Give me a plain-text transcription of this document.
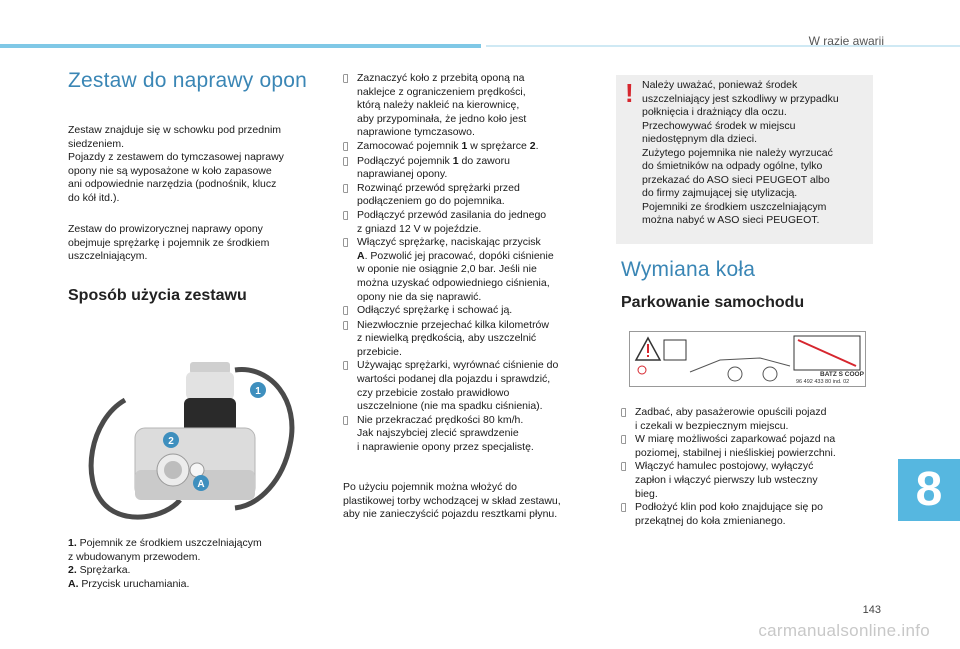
W razie awarii
Zestaw do naprawy opon
Zestaw znajduje się w schowku pod przednim
siedzeniem.
Pojazdy z zestawem do tymczasowej naprawy
opony nie są wyposażone w koło zapasowe
ani odpowiednie narzędzia (podnośnik, klucz
do kół itd.).
Zestaw do prowizorycznej naprawy opony
obejmuje sprężarkę i pojemnik ze środkiem
uszczelniającym.
Sposób użycia zestawu
1
2
A
1. Pojemnik ze środkiem uszczelniającym
z wbudowanym przewodem.
2. Sprężarka.
A. Przycisk uruchamiania.
Zaznaczyć koło z przebitą oponą na
naklejce z ograniczeniem prędkości,
którą należy nakleić na kierownicę,
aby przypominała, że jedno koło jest
naprawione tymczasowo.
Zamocować pojemnik 1 w sprężarce 2.
Podłączyć pojemnik 1 do zaworu
naprawianej opony.
Rozwinąć przewód sprężarki przed
podłączeniem go do pojemnika.
Podłączyć przewód zasilania do jednego
z gniazd 12 V w pojeździe.
Włączyć sprężarkę, naciskając przycisk
A. Pozwolić jej pracować, dopóki ciśnienie
w oponie nie osiągnie 2,0 bar. Jeśli nie
można uzyskać odpowiedniego ciśnienia,
opony nie da się naprawić.
Odłączyć sprężarkę i schować ją.
Niezwłocznie przejechać kilka kilometrów
z niewielką prędkością, aby uszczelnić
przebicie.
Używając sprężarki, wyrównać ciśnienie do
wartości podanej dla pojazdu i sprawdzić,
czy przebicie zostało prawidłowo
uszczelnione (nie ma spadku ciśnienia).
Nie przekraczać prędkości 80 km/h.
Jak najszybciej zlecić sprawdzenie
i naprawienie opony przez specjalistę.
Po użyciu pojemnik można włożyć do
plastikowej torby wchodzącej w skład zestawu,
aby nie zanieczyścić pojazdu resztkami płynu.
! Należy uważać, ponieważ środek
uszczelniający jest szkodliwy w przypadku
połknięcia i drażniący dla oczu.
Przechowywać środek w miejscu
niedostępnym dla dzieci.
Zużytego pojemnika nie należy wyrzucać
do śmietników na odpady ogólne, tylko
przekazać do ASO sieci PEUGEOT albo
do firmy zajmującej się utylizacją.
Pojemniki ze środkiem uszczelniającym
można nabyć w ASO sieci PEUGEOT.
Wymiana koła
Parkowanie samochodu
BATZ S COOP
96 492 433 80 ind. 02
Zadbać, aby pasażerowie opuścili pojazd
i czekali w bezpiecznym miejscu.
W miarę możliwości zaparkować pojazd na
poziomej, stabilnej i nieśliskiej powierzchni.
Włączyć hamulec postojowy, wyłączyć
zapłon i włączyć pierwszy lub wsteczny
bieg.
Podłożyć klin pod koło znajdujące się po
przekątnej do koła zmienianego.
8
143
carmanualsonline.info
